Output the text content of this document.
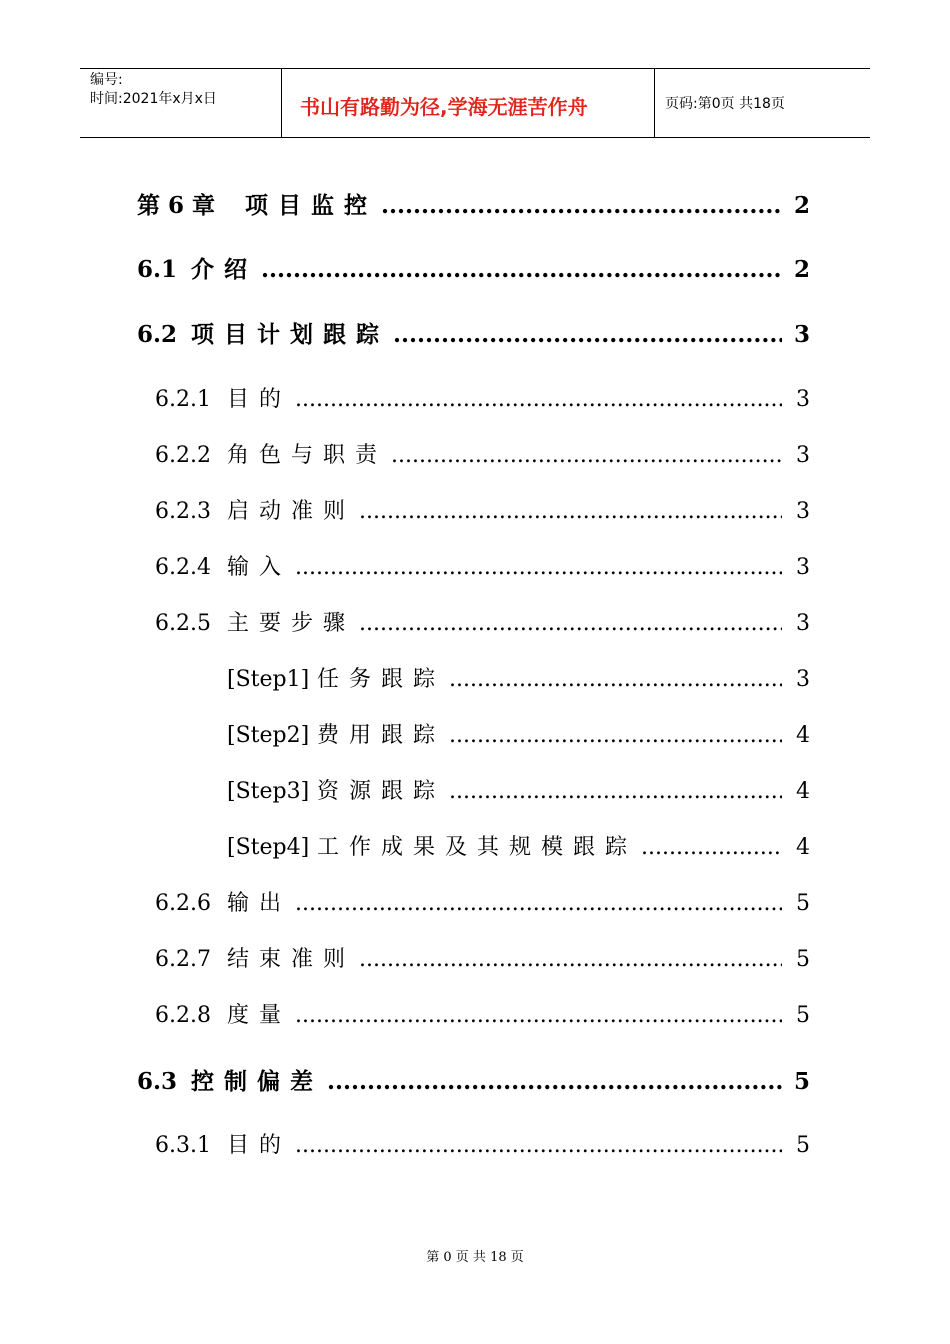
编号:
时间:2021年x月x日	书山有路勤为径,学海无涯苦作舟	页码:第0页 共18页
第 6 章	项目监控 .....	2
6.1 介绍 .....	2
6.2 项目计划跟踪 .....	3
6.2.1 目的 .....	3
6.2.2 角色与职责 .....	3
6.2.3 启动准则 .....	3
6.2.4 输入 .....	3
6.2.5 主要步骤 .....	3
[Step1] 任务跟踪 .....	3
[Step2] 费用跟踪 .....	4
[Step3] 资源跟踪 .....	4
[Step4] 工作成果及其规模跟踪 .....	4
6.2.6 输出 .....	5
6.2.7 结束准则 .....	5
6.2.8 度量 .....	5
6.3 控制偏差 .....	5
6.3.1 目的 .....	5
第 0 页 共 18 页
